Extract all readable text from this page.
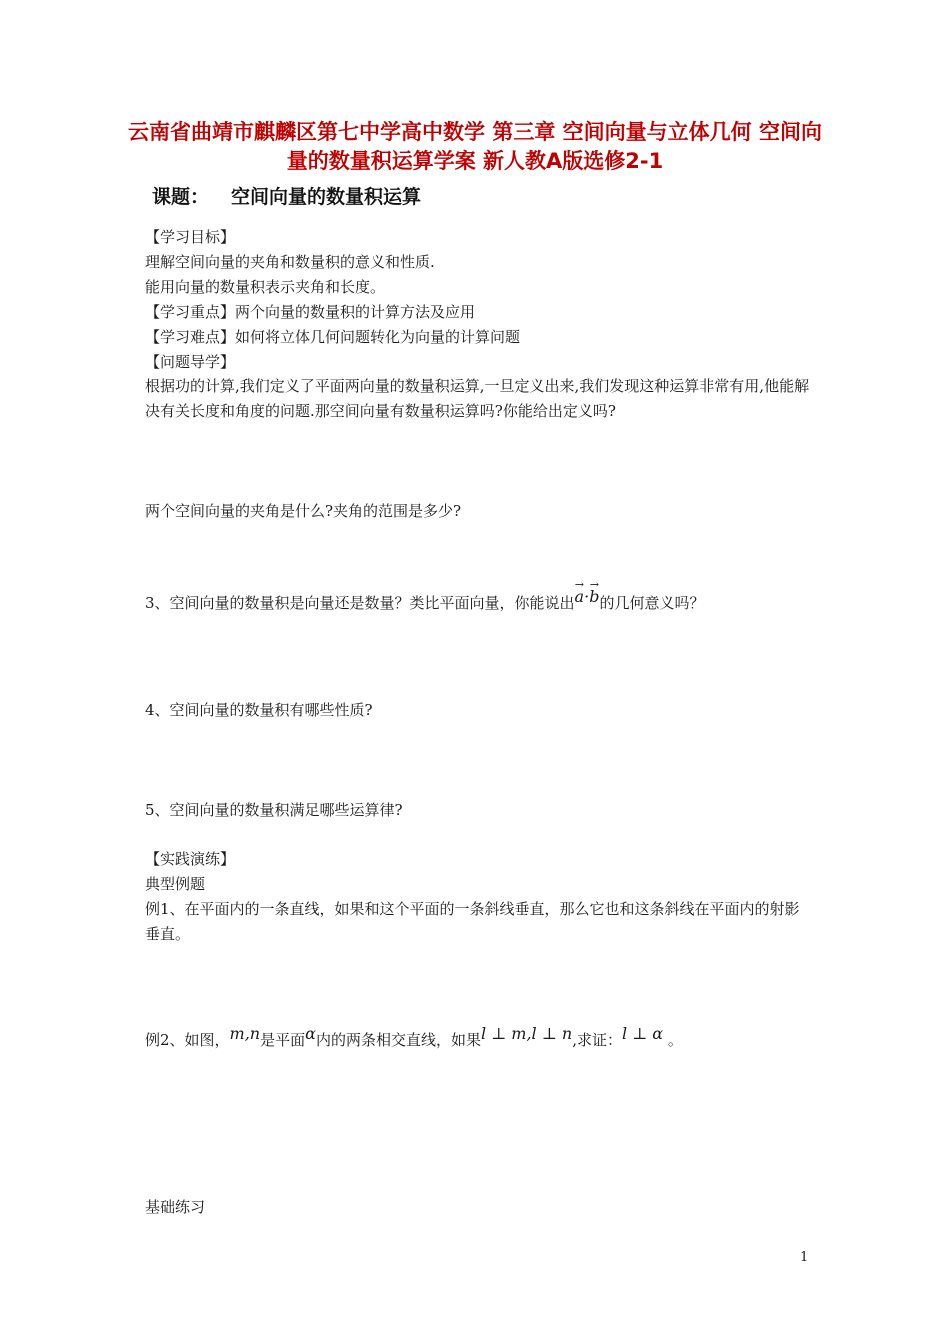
云南省曲靖市麒麟区第七中学高中数学 第三章 空间向量与立体几何 空间向量的数量积运算学案 新人教A版选修2-1
课题： 空间向量的数量积运算
【学习目标】
理解空间向量的夹角和数量积的意义和性质.
能用向量的数量积表示夹角和长度。
【学习重点】两个向量的数量积的计算方法及应用
【学习难点】如何将立体几何问题转化为向量的计算问题
【问题导学】
根据功的计算,我们定义了平面两向量的数量积运算,一旦定义出来,我们发现这种运算非常有用,他能解决有关长度和角度的问题.那空间向量有数量积运算吗?你能给出定义吗?
两个空间向量的夹角是什么?夹角的范围是多少?
3、空间向量的数量积是向量还是数量？类比平面向量，你能说出→ a·→ b的几何意义吗？
4、空间向量的数量积有哪些性质?
5、空间向量的数量积满足哪些运算律?
【实践演练】
典型例题
例1、在平面内的一条直线，如果和这个平面的一条斜线垂直，那么它也和这条斜线在平面内的射影垂直。
例2、如图，m,n是平面α内的两条相交直线，如果l ⊥ m,l ⊥ n,求证：l ⊥ α 。
基础练习
1
